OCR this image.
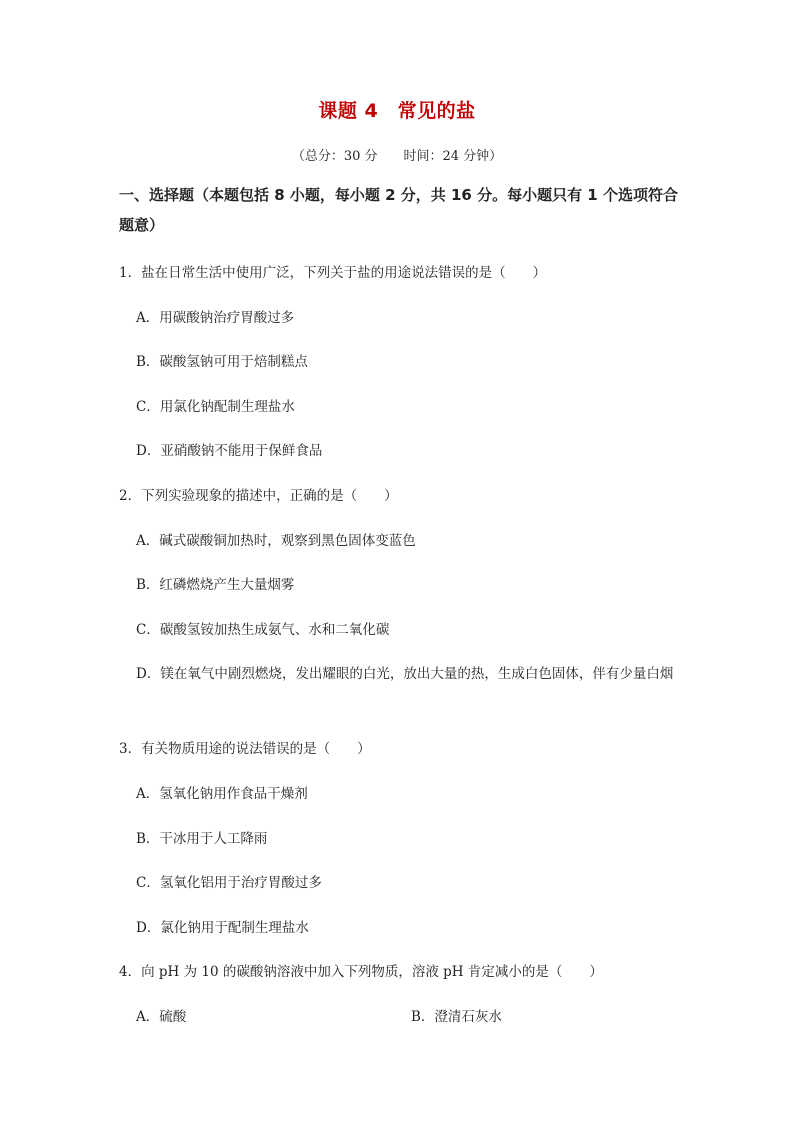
课题 4　常见的盐
（总分：30 分　　时间：24 分钟）
一、选择题（本题包括 8 小题，每小题 2 分，共 16 分。每小题只有 1 个选项符合题意）
1．盐在日常生活中使用广泛，下列关于盐的用途说法错误的是（　　）
A．用碳酸钠治疗胃酸过多
B．碳酸氢钠可用于焙制糕点
C．用氯化钠配制生理盐水
D．亚硝酸钠不能用于保鲜食品
2．下列实验现象的描述中，正确的是（　　）
A．碱式碳酸铜加热时，观察到黑色固体变蓝色
B．红磷燃烧产生大量烟雾
C．碳酸氢铵加热生成氨气、水和二氧化碳
D．镁在氧气中剧烈燃烧，发出耀眼的白光，放出大量的热，生成白色固体，伴有少量白烟
3．有关物质用途的说法错误的是（　　）
A．氢氧化钠用作食品干燥剂
B．干冰用于人工降雨
C．氢氧化铝用于治疗胃酸过多
D．氯化钠用于配制生理盐水
4．向 pH 为 10 的碳酸钠溶液中加入下列物质，溶液 pH 肯定减小的是（　　）
A．硫酸	B．澄清石灰水
